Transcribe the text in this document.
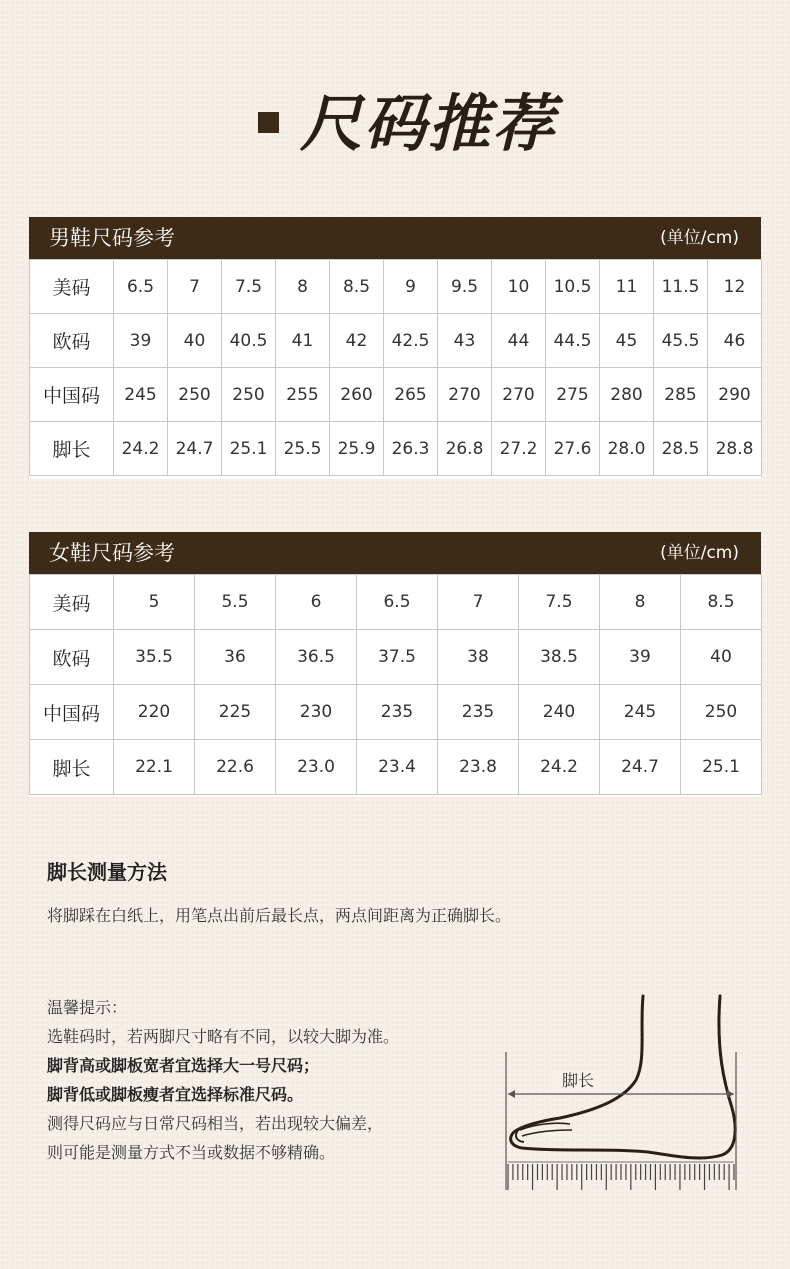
尺码推荐
男鞋尺码参考	(单位/cm)
美码	6.5	7	7.5	8	8.5	9	9.5	10	10.5	11	11.5	12
欧码	39	40	40.5	41	42	42.5	43	44	44.5	45	45.5	46
中国码	245	250	250	255	260	265	270	270	275	280	285	290
脚长	24.2	24.7	25.1	25.5	25.9	26.3	26.8	27.2	27.6	28.0	28.5	28.8
女鞋尺码参考	(单位/cm)
美码	5	5.5	6	6.5	7	7.5	8	8.5
欧码	35.5	36	36.5	37.5	38	38.5	39	40
中国码	220	225	230	235	235	240	245	250
脚长	22.1	22.6	23.0	23.4	23.8	24.2	24.7	25.1
脚长测量方法
将脚踩在白纸上，用笔点出前后最长点，两点间距离为正确脚长。
温馨提示：
选鞋码时，若两脚尺寸略有不同，以较大脚为准。
脚背高或脚板宽者宜选择大一号尺码；
脚背低或脚板瘦者宜选择标准尺码。
测得尺码应与日常尺码相当，若出现较大偏差，
则可能是测量方式不当或数据不够精确。
脚长
